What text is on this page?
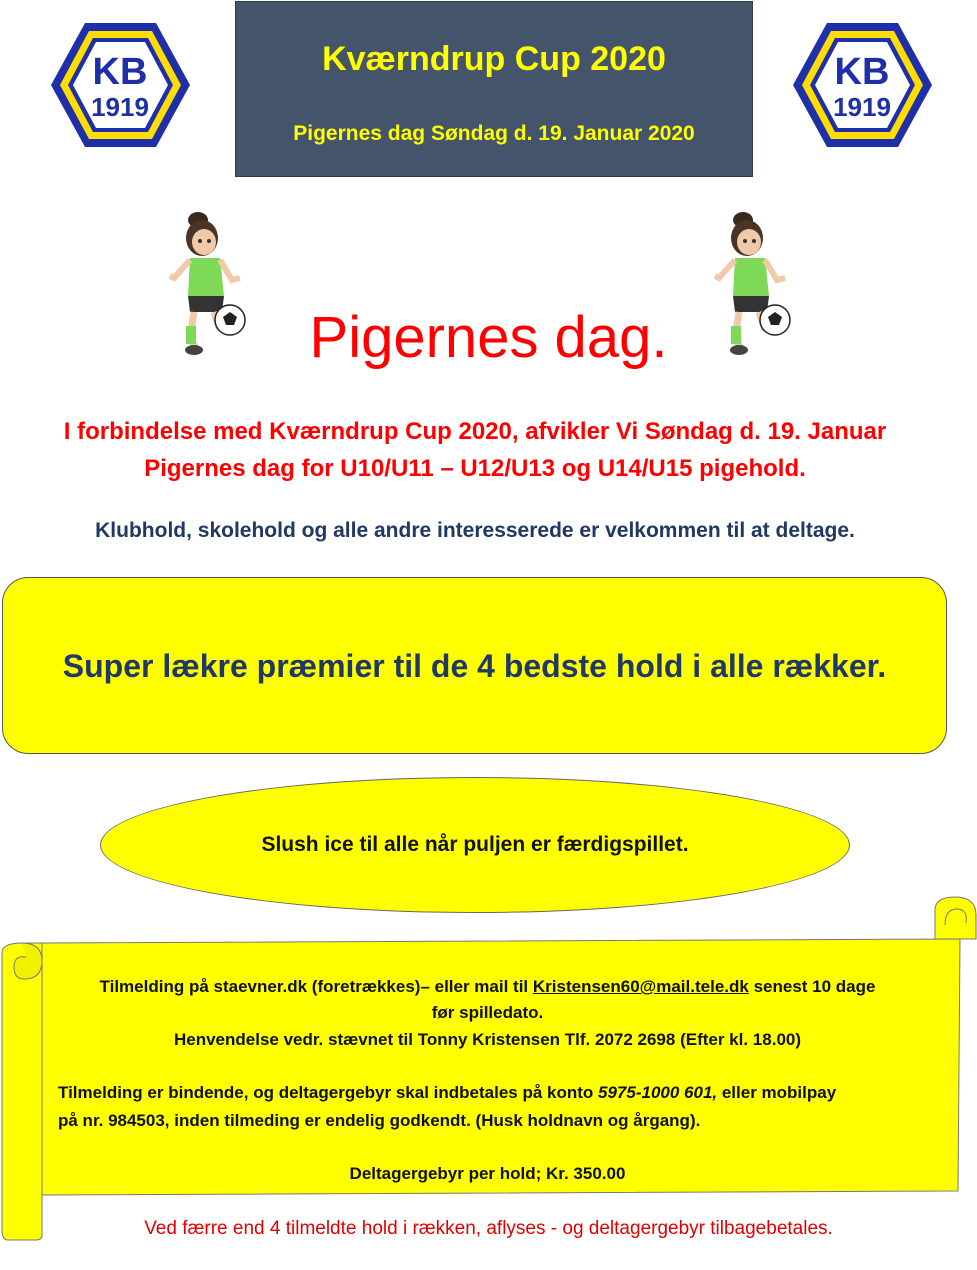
KB
1919
KB
1919
Kværndrup Cup 2020
Pigernes dag Søndag d. 19. Januar 2020
Pigernes dag.
I forbindelse med Kværndrup Cup 2020, afvikler Vi Søndag d. 19. Januar
Pigernes dag for U10/U11 – U12/U13 og U14/U15 pigehold.
Klubhold, skolehold og alle andre interesserede er velkommen til at deltage.
Super lækre præmier til de 4 bedste hold i alle rækker.
Slush ice til alle når puljen er færdigspillet.
Tilmelding på staevner.dk (foretrækkes)– eller mail til Kristensen60@mail.tele.dk senest 10 dage
før spilledato.
Henvendelse vedr. stævnet til Tonny Kristensen Tlf. 2072 2698 (Efter kl. 18.00)
Tilmelding er bindende, og deltagergebyr skal indbetales på konto 5975-1000 601, eller mobilpay
på nr. 984503, inden tilmeding er endelig godkendt. (Husk holdnavn og årgang).
Deltagergebyr per hold; Kr. 350.00
Ved færre end 4 tilmeldte hold i rækken, aflyses - og deltagergebyr tilbagebetales.
